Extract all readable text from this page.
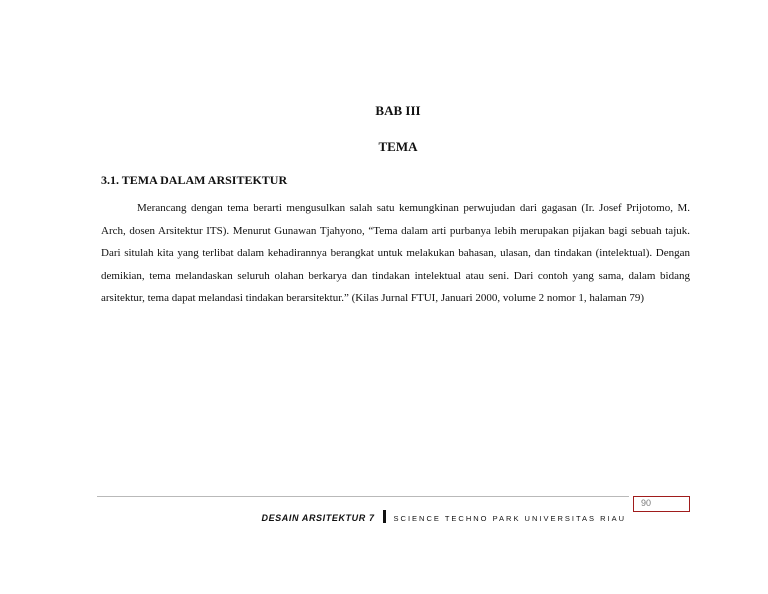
BAB III
TEMA
3.1. TEMA DALAM ARSITEKTUR

Merancang dengan tema berarti mengusulkan salah satu kemungkinan perwujudan dari gagasan (Ir. Josef Prijotomo, M. Arch, dosen Arsitektur ITS). Menurut Gunawan Tjahyono, “Tema dalam arti purbanya lebih merupakan pijakan bagi sebuah tajuk. Dari situlah kita yang terlibat dalam kehadirannya berangkat untuk melakukan bahasan, ulasan, dan tindakan (intelektual). Dengan demikian, tema melandaskan seluruh olahan berkarya dan tindakan intelektual atau seni. Dari contoh yang sama, dalam bidang arsitektur, tema dapat melandasi tindakan berarsitektur.” (Kilas Jurnal FTUI, Januari 2000, volume 2 nomor 1, halaman 79)

90
DESAIN ARSITEKTUR 7	SCIENCE TECHNO PARK UNIVERSITAS RIAU
